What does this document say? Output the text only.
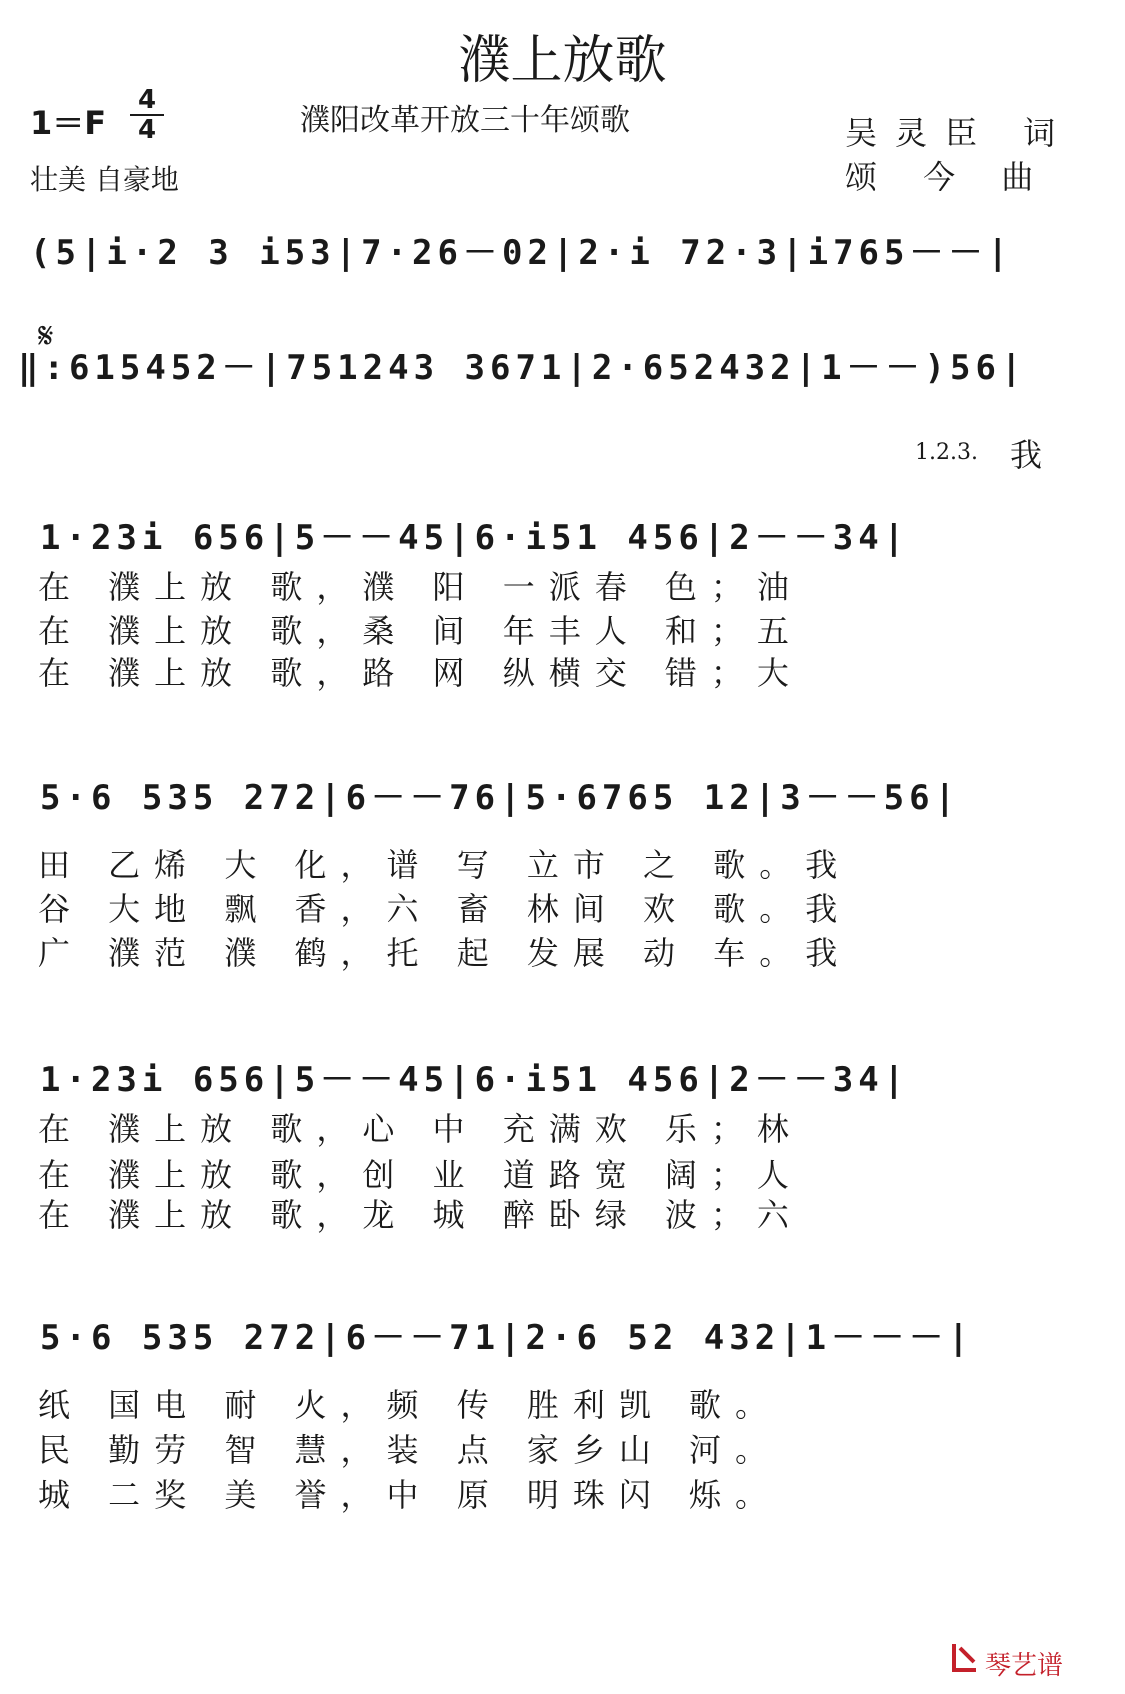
濮上放歌
1＝F
4
4	濮阳改革开放三十年颂歌	吴灵臣 词
壮美 自豪地	颂 今 曲
(5|i·2 3 i53|7·26－02|2·i 72·3|i765－－|
𝄋
‖:615452－|751243 3671|2·652432|1－－)56|
1.2.3. 我
1·23i 656|5－－45|6·i51 456|2－－34|
在 濮上放 歌，濮 阳 一派春 色；油
在 濮上放 歌，桑 间 年丰人 和；五
在 濮上放 歌，路 网 纵横交 错；大
5·6 535 272|6－－76|5·6765 12|3－－56|
田 乙烯 大 化，谱 写 立市 之 歌。我
谷 大地 飘 香，六 畜 林间 欢 歌。我
广 濮范 濮 鹤，托 起 发展 动 车。我
1·23i 656|5－－45|6·i51 456|2－－34|
在 濮上放 歌，心 中 充满欢 乐；林
在 濮上放 歌，创 业 道路宽 阔；人
在 濮上放 歌，龙 城 醉卧绿 波；六
5·6 535 272|6－－71|2·6 52 432|1－－－|
纸 国电 耐 火，频 传 胜利凯 歌。
民 勤劳 智 慧，装 点 家乡山 河。
城 二奖 美 誉，中 原 明珠闪 烁。
琴艺谱
